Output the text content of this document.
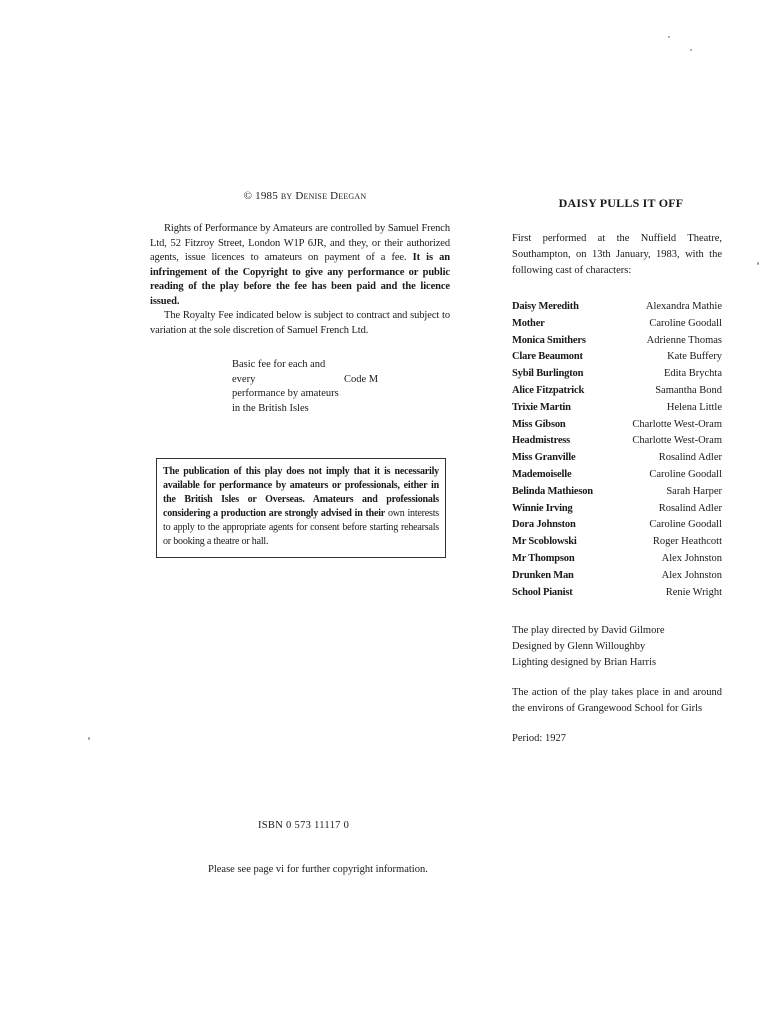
© 1985 by Denise Deegan

Rights of Performance by Amateurs are controlled by Samuel French Ltd, 52 Fitzroy Street, London W1P 6JR, and they, or their authorized agents, issue licences to amateurs on payment of a fee. It is an infringement of the Copyright to give any performance or public reading of the play before the fee has been paid and the licence issued.

The Royalty Fee indicated below is subject to contract and subject to variation at the sole discretion of Samuel French Ltd.

Basic fee for each and every
performance by amateurs
in the British Isles
Code M
The publication of this play does not imply that it is necessarily available for performance by amateurs or professionals, either in the British Isles or Overseas. Amateurs and professionals considering a production are strongly advised in their own interests to apply to the appropriate agents for consent before starting rehearsals or booking a theatre or hall.
ISBN 0 573 11117 0
Please see page vi for further copyright information.
DAISY PULLS IT OFF
First performed at the Nuffield Theatre, Southampton, on 13th January, 1983, with the following cast of characters:
Daisy Meredith	Alexandra Mathie
Mother	Caroline Goodall
Monica Smithers	Adrienne Thomas
Clare Beaumont	Kate Buffery
Sybil Burlington	Edita Brychta
Alice Fitzpatrick	Samantha Bond
Trixie Martin	Helena Little
Miss Gibson	Charlotte West-Oram
Headmistress	Charlotte West-Oram
Miss Granville	Rosalind Adler
Mademoiselle	Caroline Goodall
Belinda Mathieson	Sarah Harper
Winnie Irving	Rosalind Adler
Dora Johnston	Caroline Goodall
Mr Scoblowski	Roger Heathcott
Mr Thompson	Alex Johnston
Drunken Man	Alex Johnston
School Pianist	Renie Wright
The play directed by David Gilmore
Designed by Glenn Willoughby
Lighting designed by Brian Harris
The action of the play takes place in and around the environs of Grangewood School for Girls
Period: 1927
